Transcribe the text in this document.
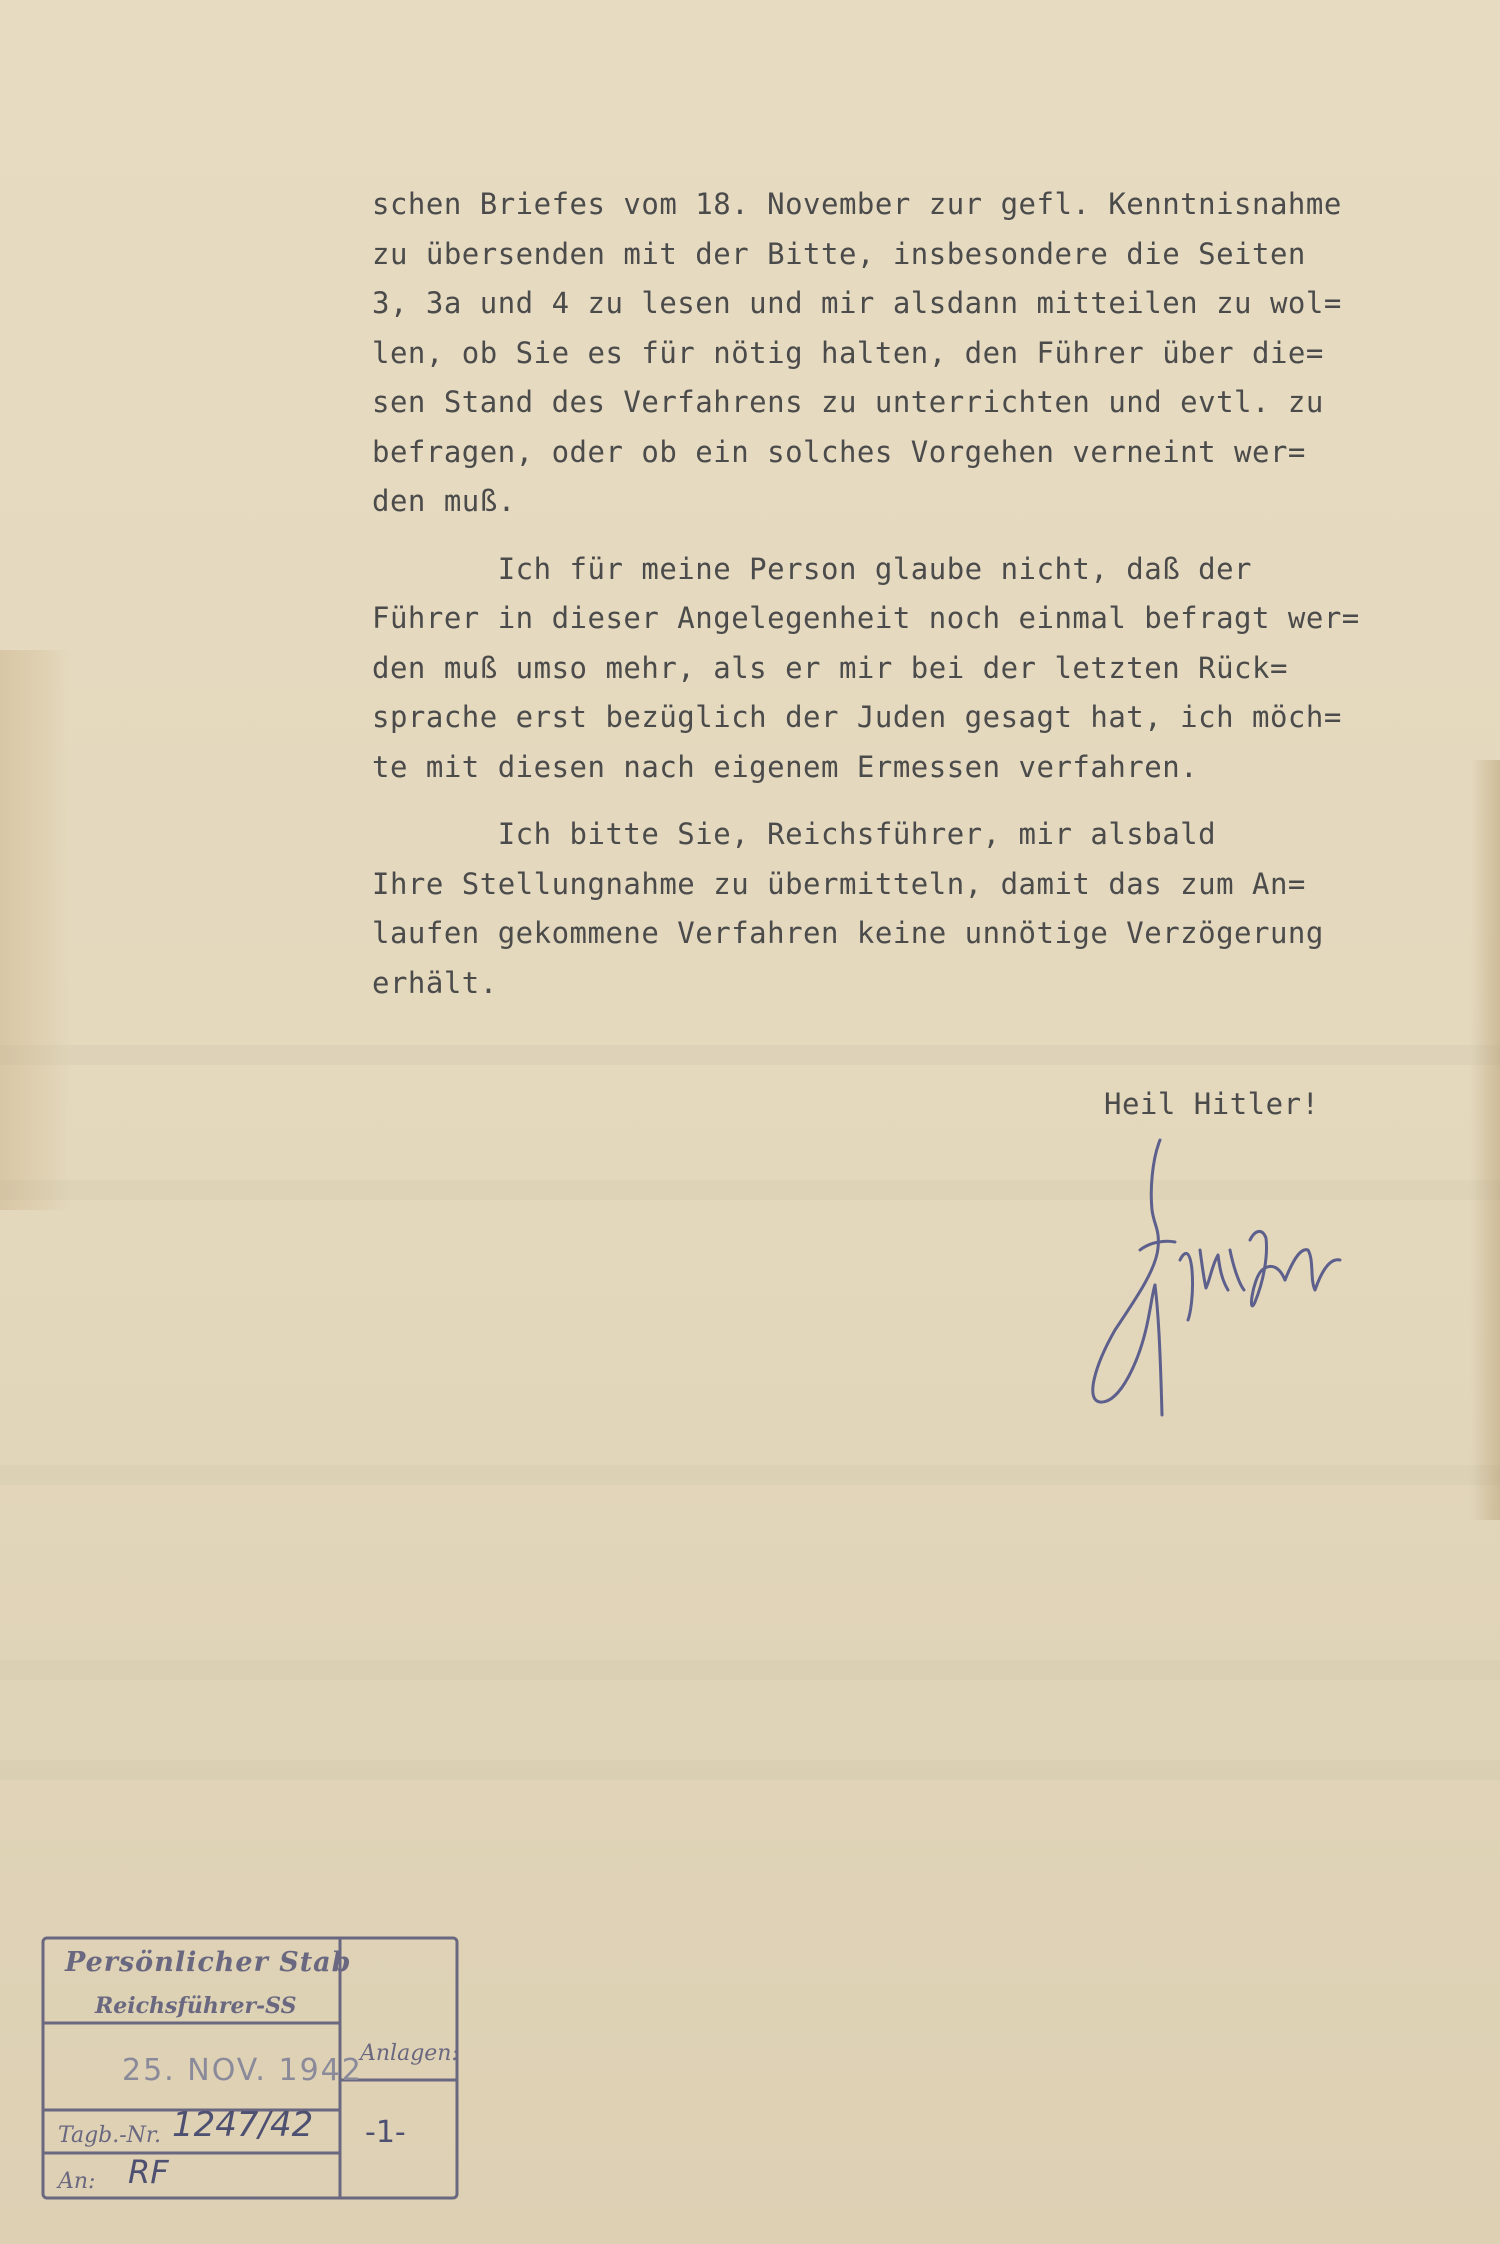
schen Briefes vom 18. November zur gefl. Kenntnisnahme
zu übersenden mit der Bitte, insbesondere die Seiten
3, 3a und 4 zu lesen und mir alsdann mitteilen zu wol=
len, ob Sie es für nötig halten, den Führer über die=
sen Stand des Verfahrens zu unterrichten und evtl. zu
befragen, oder ob ein solches Vorgehen verneint wer=
den muß.
Ich für meine Person glaube nicht, daß der
Führer in dieser Angelegenheit noch einmal befragt wer=
den muß umso mehr, als er mir bei der letzten Rück=
sprache erst bezüglich der Juden gesagt hat, ich möch=
te mit diesen nach eigenem Ermessen verfahren.
Ich bitte Sie, Reichsführer, mir alsbald
Ihre Stellungnahme zu übermitteln, damit das zum An=
laufen gekommene Verfahren keine unnötige Verzögerung
erhält.
Heil Hitler!
Persönlicher Stab
Reichsführer-SS
25. NOV. 1942
Anlagen:
-1-
Tagb.-Nr. 1247/42
An: RF
